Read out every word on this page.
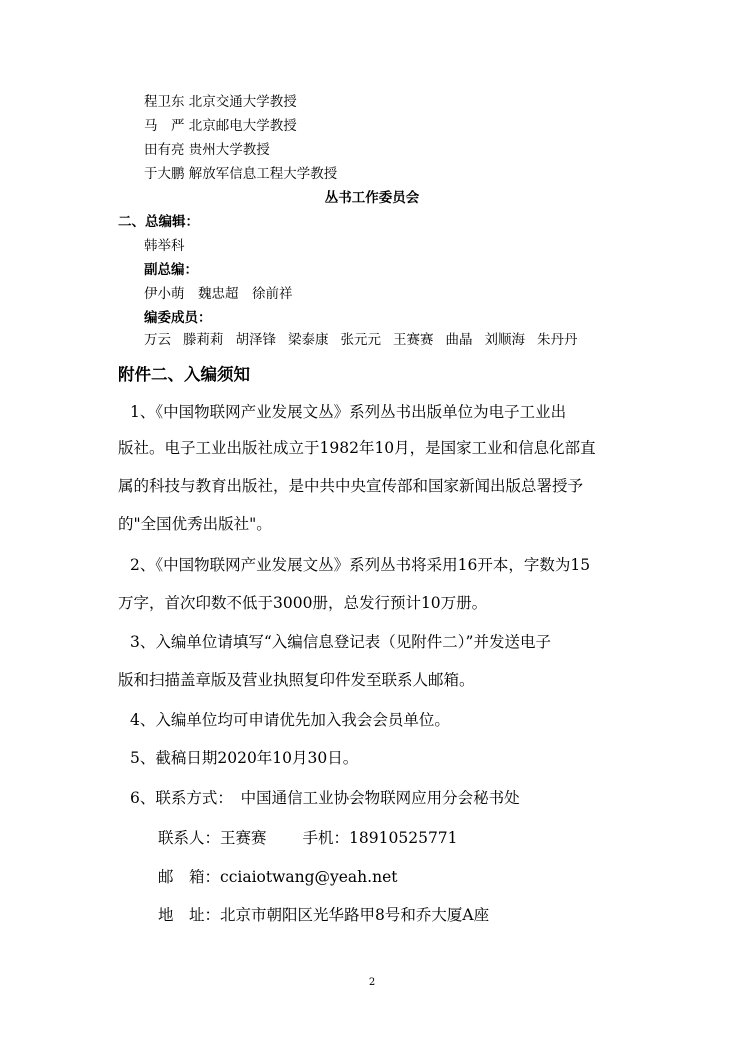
程卫东 北京交通大学教授
马　严 北京邮电大学教授
田有亮 贵州大学教授
于大鹏 解放军信息工程大学教授
丛书工作委员会
二、总编辑：
韩举科
副总编：
伊小萌　魏忠超　徐前祥
编委成员：
万云 滕莉莉 胡泽锋 梁泰康 张元元 王赛赛 曲晶 刘顺海 朱丹丹
附件二、入编须知
1、《中国物联网产业发展文丛》系列丛书出版单位为电子工业出
版社。电子工业出版社成立于1982年10月，是国家工业和信息化部直
属的科技与教育出版社，是中共中央宣传部和国家新闻出版总署授予
的"全国优秀出版社"。
2、《中国物联网产业发展文丛》系列丛书将采用16开本，字数为15
万字，首次印数不低于3000册，总发行预计10万册。
3、入编单位请填写“入编信息登记表（见附件二）”并发送电子
版和扫描盖章版及营业执照复印件发至联系人邮箱。
4、入编单位均可申请优先加入我会会员单位。
5、截稿日期2020年10月30日。
6、联系方式：　中国通信工业协会物联网应用分会秘书处
联系人：王赛赛 手机：18910525771
邮　箱：cciaiotwang@yeah.net
地　址：北京市朝阳区光华路甲8号和乔大厦A座
2
